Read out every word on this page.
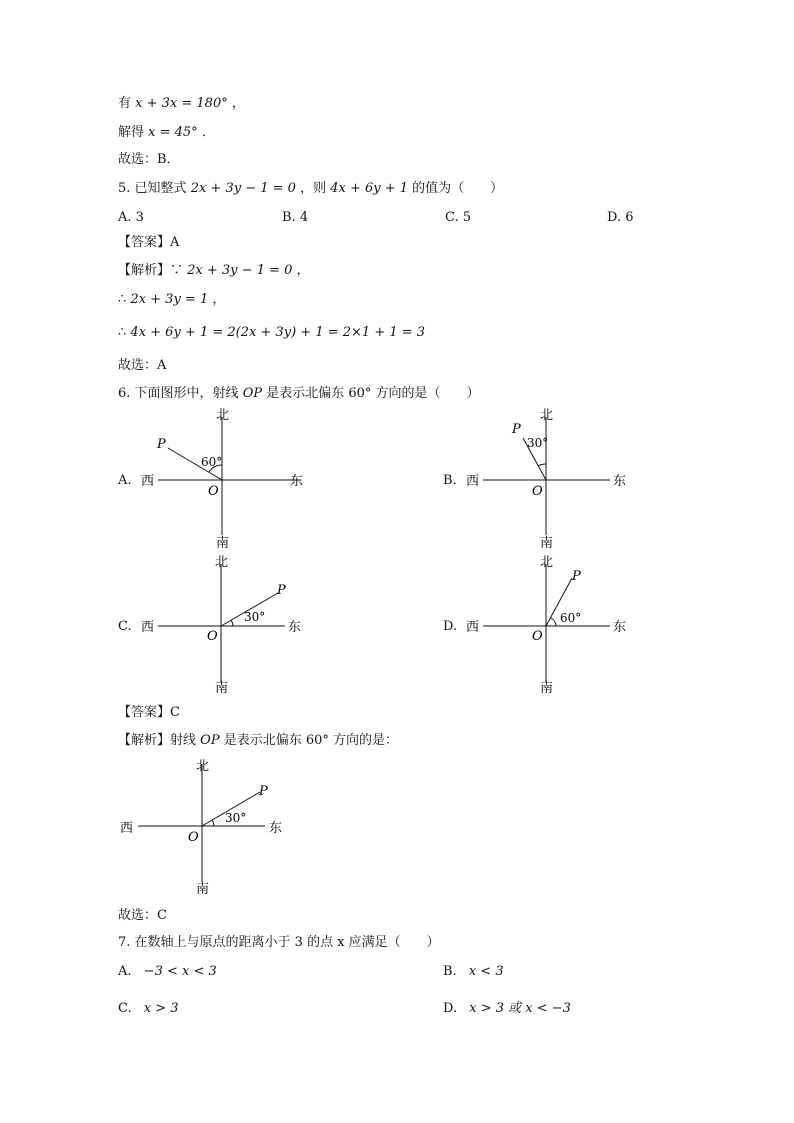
有 x + 3x = 180° ，
解得 x = 45° ．
故选：B．
5. 已知整式 2x + 3y − 1 = 0 ，则 4x + 6y + 1 的值为（　　）
A. 3	B. 4	C. 5	D. 6
【答案】A
【解析】∵ 2x + 3y − 1 = 0 ，
∴ 2x + 3y = 1 ，
∴ 4x + 6y + 1 = 2(2x + 3y) + 1 = 2×1 + 1 = 3
故选：A
6. 下面图形中，射线 OP 是表示北偏东 60° 方向的是（　　）
A.
北
南
西	东
O
P
60°
B.
北
南
西	东
O
P
30°
C.
北
南
西	东
O
P
30°
D.
北
南
西	东
O
P
60°
【答案】C
【解析】射线 OP 是表示北偏东 60° 方向的是：
北
南
西	东
O
P
30°
故选：C
7. 在数轴上与原点的距离小于 3 的点 x 应满足（　　）
A. −3 < x < 3	B. x < 3
C. x > 3	D. x > 3 或 x < −3
